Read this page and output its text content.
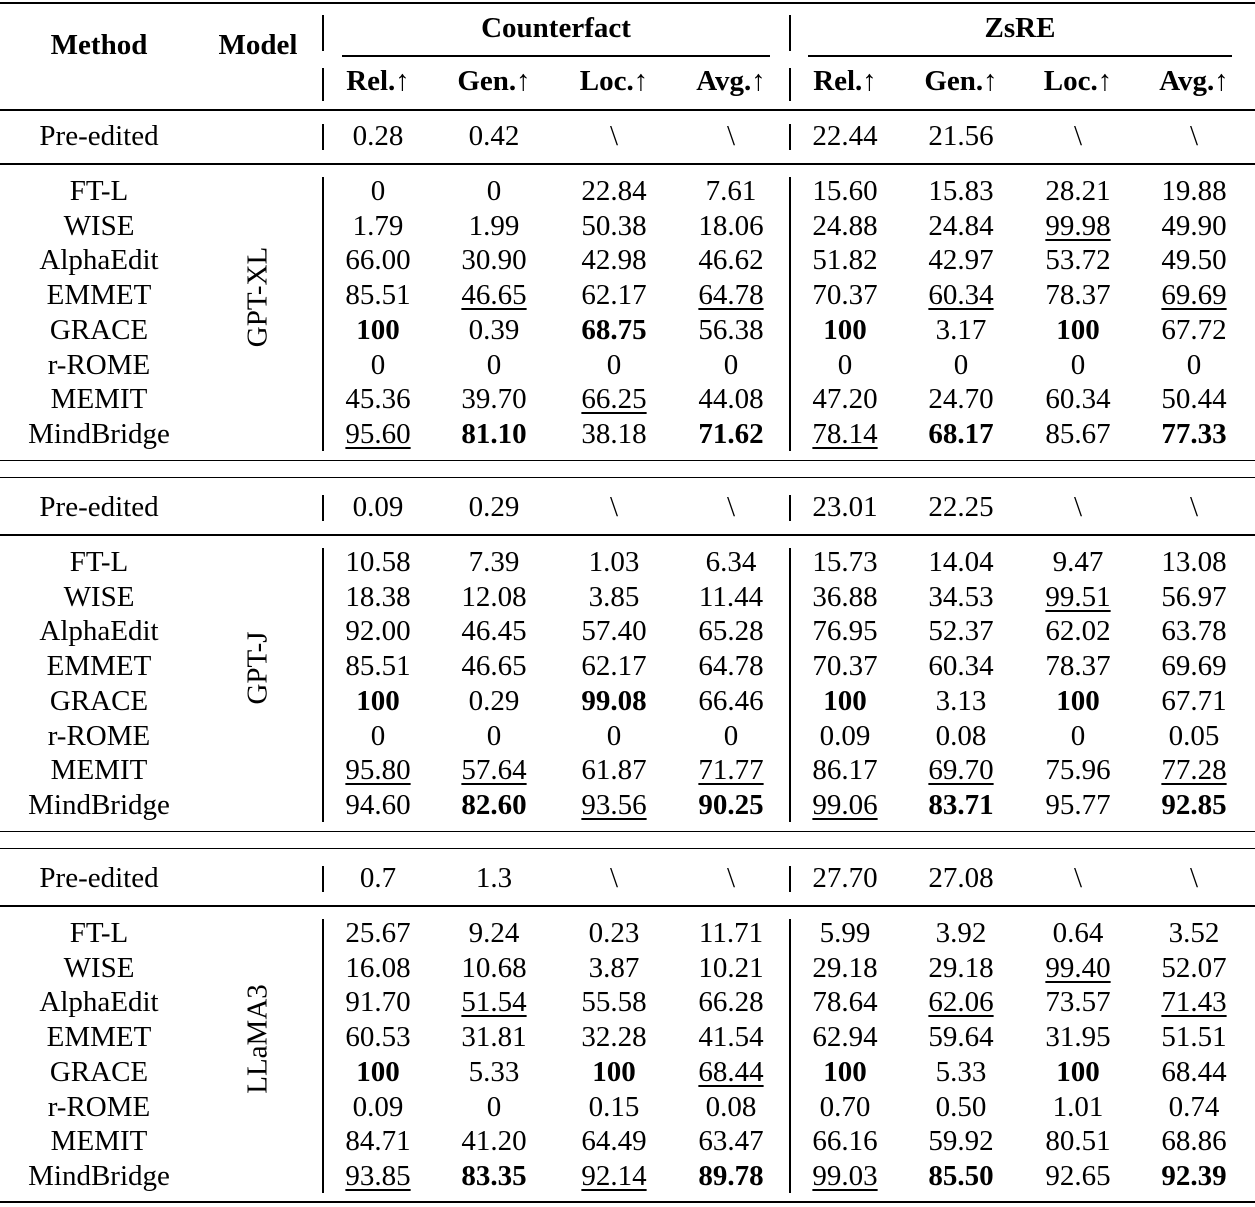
Method Model
Counterfact	ZsRE
Rel.↑ Gen.↑ Loc.↑ Avg.↑ Rel.↑ Gen.↑ Loc.↑ Avg.↑
Pre-edited	0.28 0.42	\	\	22.44 21.56	\	\
FT-L	0	0	22.84 7.61 15.60 15.83 28.21 19.88
WISE	1.79 1.99 50.38 18.06 24.88 24.84 99.98 49.90
AlphaEdit	66.00 30.90 42.98 46.62 51.82 42.97 53.72 49.50
EMMET	85.51 46.65 62.17 64.78 70.37 60.34 78.37 69.69
GRACE	100 0.39 68.75 56.38 100 3.17 100 67.72
r-ROME	0	0	0	0	0	0	0	0
MEMIT	45.36 39.70 66.25 44.08 47.20 24.70 60.34 50.44
MindBridge	95.60 81.10 38.18 71.62 78.14 68.17 85.67 77.33
GPT-XL
Pre-edited	0.09 0.29	\	\	23.01 22.25	\	\
FT-L	10.58 7.39 1.03 6.34 15.73 14.04 9.47 13.08
WISE	18.38 12.08 3.85 11.44 36.88 34.53 99.51 56.97
AlphaEdit	92.00 46.45 57.40 65.28 76.95 52.37 62.02 63.78
EMMET	85.51 46.65 62.17 64.78 70.37 60.34 78.37 69.69
GRACE	100 0.29 99.08 66.46 100 3.13 100 67.71
r-ROME	0	0	0	0	0.09 0.08	0	0.05
MEMIT	95.80 57.64 61.87 71.77 86.17 69.70 75.96 77.28
MindBridge	94.60 82.60 93.56 90.25 99.06 83.71 95.77 92.85
GPT-J
Pre-edited	0.7	1.3	\	\	27.70 27.08	\	\
FT-L	25.67 9.24 0.23 11.71 5.99 3.92 0.64 3.52
WISE	16.08 10.68 3.87 10.21 29.18 29.18 99.40 52.07
AlphaEdit	91.70 51.54 55.58 66.28 78.64 62.06 73.57 71.43
EMMET	60.53 31.81 32.28 41.54 62.94 59.64 31.95 51.51
GRACE	100 5.33	100 68.44 100 5.33 100 68.44
r-ROME	0.09	0	0.15 0.08 0.70 0.50 1.01 0.74
MEMIT	84.71 41.20 64.49 63.47 66.16 59.92 80.51 68.86
MindBridge	93.85 83.35 92.14 89.78 99.03 85.50 92.65 92.39
LLaMA3
